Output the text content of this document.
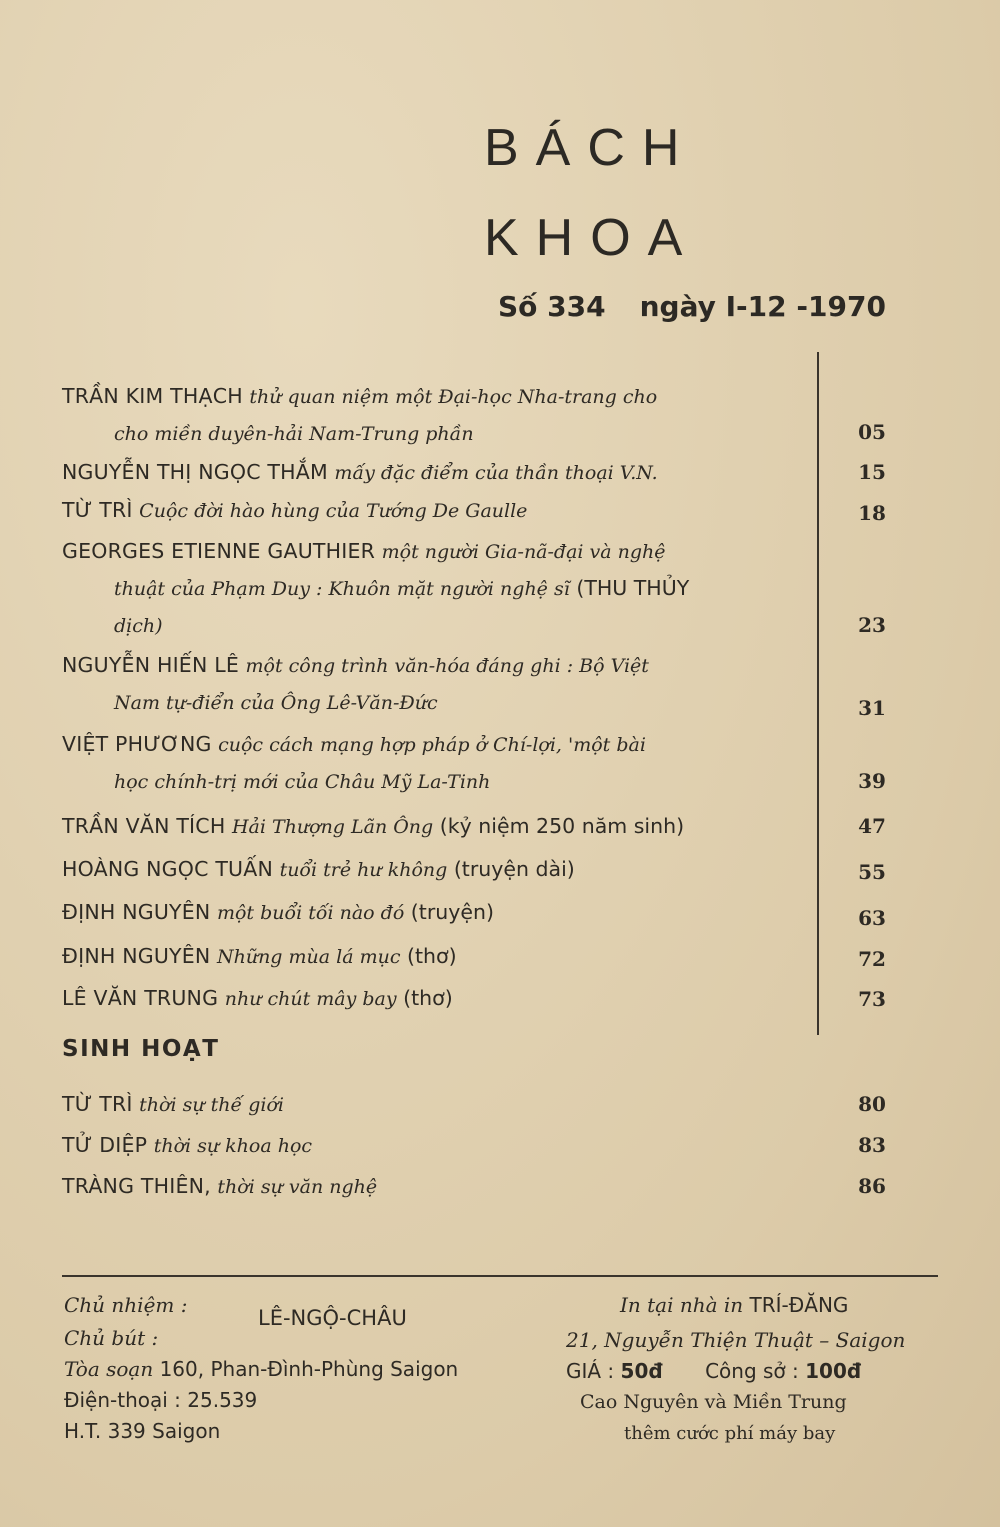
BÁCH
KHOA
Số 334 ngày I-12 -1970
TRẦN KIM THẠCH thử quan niệm một Đại-học Nha-trang cho
cho miền duyên-hải Nam-Trung phần	05
NGUYỄN THỊ NGỌC THẮM mấy đặc điểm của thần thoại V.N.	15
TỪ TRÌ Cuộc đời hào hùng của Tướng De Gaulle	18
GEORGES ETIENNE GAUTHIER một người Gia-nã-đại và nghệ
thuật của Phạm Duy : Khuôn mặt người nghệ sĩ (THU THỦY
dịch)	23
NGUYỄN HIẾN LÊ một công trình văn-hóa đáng ghi : Bộ Việt
Nam tự-điển của Ông Lê-Văn-Đức	31
VIỆT PHƯƠNG cuộc cách mạng hợp pháp ở Chí-lợi, 'một bài
học chính-trị mới của Châu Mỹ La-Tinh	39
TRẦN VĂN TÍCH Hải Thượng Lãn Ông (kỷ niệm 250 năm sinh)	47
HOÀNG NGỌC TUẤN tuổi trẻ hư không (truyện dài)	55
ĐỊNH NGUYÊN một buổi tối nào đó (truyện)	63
ĐỊNH NGUYÊN Những mùa lá mục (thơ)	72
LÊ VĂN TRUNG như chút mây bay (thơ)	73
SINH HOẠT
TỪ TRÌ thời sự thế giới	80
TỬ DIỆP thời sự khoa học	83
TRÀNG THIÊN, thời sự văn nghệ	86
Chủ nhiệm :
LÊ-NGỘ-CHÂU
Chủ bút :
Tòa soạn 160, Phan-Đình-Phùng Saigon
Điện-thoại : 25.539
H.T. 339 Saigon
In tại nhà in TRÍ-ĐĂNG
21, Nguyễn Thiện Thuật – Saigon
GIÁ : 50đ Công sở : 100đ
Cao Nguyên và Miền Trung
thêm cước phí máy bay
